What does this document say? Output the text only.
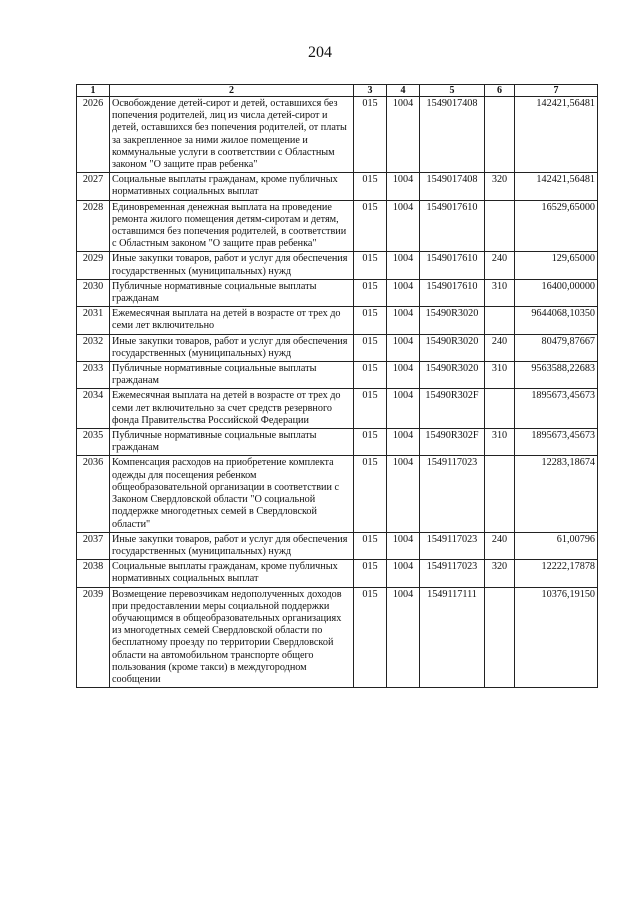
204
1	2	3	4	5	6	7
2026	Освобождение детей-сирот и детей, оставшихся без попечения родителей, лиц из числа детей-сирот и детей, оставшихся без попечения родителей, от платы за закрепленное за ними жилое помещение и коммунальные услуги в соответствии с Областным законом "О защите прав ребенка"	015	1004	1549017408		142421,56481
2027	Социальные выплаты гражданам, кроме публичных нормативных социальных выплат	015	1004	1549017408	320	142421,56481
2028	Единовременная денежная выплата на проведение ремонта жилого помещения детям-сиротам и детям, оставшимся без попечения родителей, в соответствии с Областным законом "О защите прав ребенка"	015	1004	1549017610		16529,65000
2029	Иные закупки товаров, работ и услуг для обеспечения государственных (муниципальных) нужд	015	1004	1549017610	240	129,65000
2030	Публичные нормативные социальные выплаты гражданам	015	1004	1549017610	310	16400,00000
2031	Ежемесячная выплата на детей в возрасте от трех до семи лет включительно	015	1004	15490R3020		9644068,10350
2032	Иные закупки товаров, работ и услуг для обеспечения государственных (муниципальных) нужд	015	1004	15490R3020	240	80479,87667
2033	Публичные нормативные социальные выплаты гражданам	015	1004	15490R3020	310	9563588,22683
2034	Ежемесячная выплата на детей в возрасте от трех до семи лет включительно за счет средств резервного фонда Правительства Российской Федерации	015	1004	15490R302F		1895673,45673
2035	Публичные нормативные социальные выплаты гражданам	015	1004	15490R302F	310	1895673,45673
2036	Компенсация расходов на приобретение комплекта одежды для посещения ребенком общеобразовательной организации в соответствии с Законом Свердловской области "О социальной поддержке многодетных семей в Свердловской области"	015	1004	1549117023		12283,18674
2037	Иные закупки товаров, работ и услуг для обеспечения государственных (муниципальных) нужд	015	1004	1549117023	240	61,00796
2038	Социальные выплаты гражданам, кроме публичных нормативных социальных выплат	015	1004	1549117023	320	12222,17878
2039	Возмещение перевозчикам недополученных доходов при предоставлении меры социальной поддержки обучающимся в общеобразовательных организациях из многодетных семей Свердловской области по бесплатному проезду по территории Свердловской области на автомобильном транспорте общего пользования (кроме такси) в междугородном сообщении	015	1004	1549117111		10376,19150
